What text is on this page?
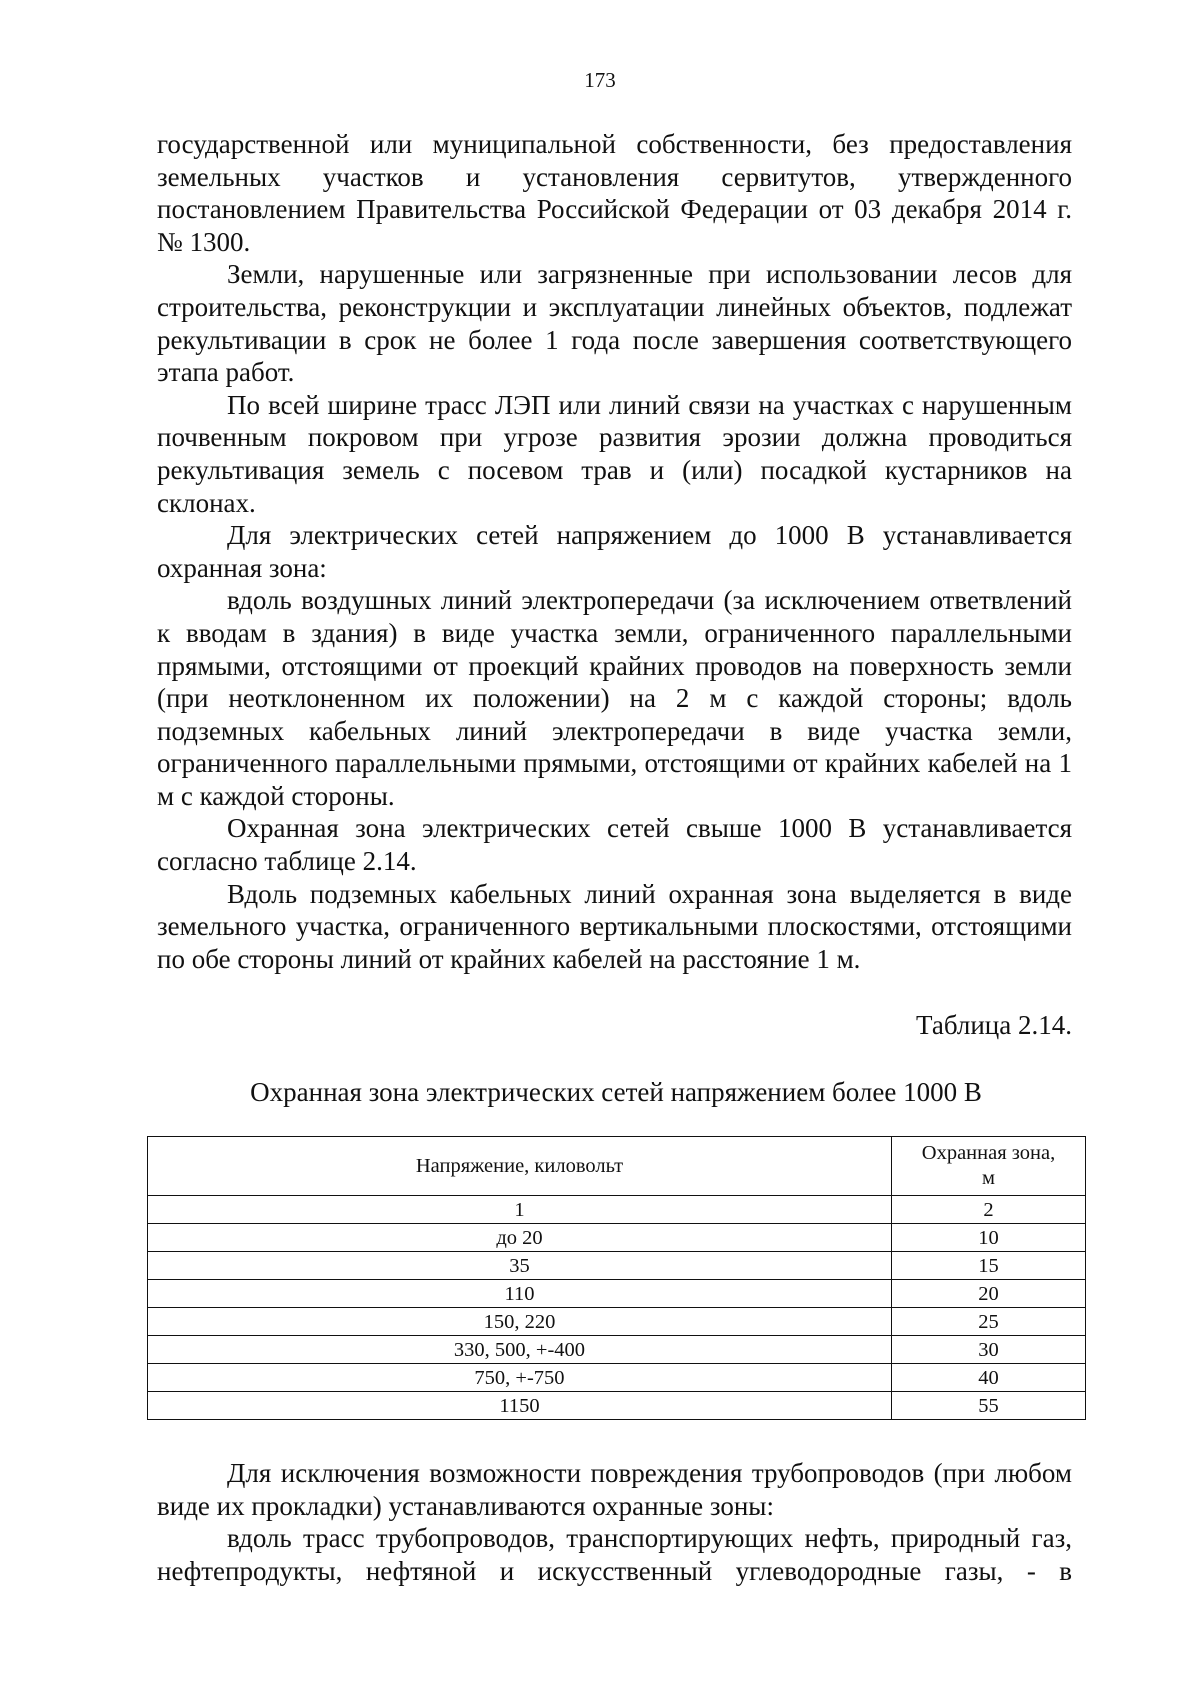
173

государственной или муниципальной собственности, без предоставления земельных участков и установления сервитутов, утвержденного постановлением Правительства Российской Федерации от 03 декабря 2014 г. № 1300.

Земли, нарушенные или загрязненные при использовании лесов для строительства, реконструкции и эксплуатации линейных объектов, подлежат рекультивации в срок не более 1 года после завершения соответствующего этапа работ.

По всей ширине трасс ЛЭП или линий связи на участках с нарушенным почвенным покровом при угрозе развития эрозии должна проводиться рекультивация земель с посевом трав и (или) посадкой кустарников на склонах.

Для электрических сетей напряжением до 1000 В устанавливается охранная зона:

вдоль воздушных линий электропередачи (за исключением ответвлений к вводам в здания) в виде участка земли, ограниченного параллельными прямыми, отстоящими от проекций крайних проводов на поверхность земли (при неотклоненном их положении) на 2 м с каждой стороны; вдоль подземных кабельных линий электропередачи в виде участка земли, ограниченного параллельными прямыми, отстоящими от крайних кабелей на 1 м с каждой стороны.

Охранная зона электрических сетей свыше 1000 В устанавливается согласно таблице 2.14.

Вдоль подземных кабельных линий охранная зона выделяется в виде земельного участка, ограниченного вертикальными плоскостями, отстоящими по обе стороны линий от крайних кабелей на расстояние 1 м.

Таблица 2.14.
Охранная зона электрических сетей напряжением более 1000 В
Напряжение, киловольт	Охранная зона,
м
1	2
до 20	10
35	15
110	20
150, 220	25
330, 500, +-400	30
750, +-750	40
1150	55

Для исключения возможности повреждения трубопроводов (при любом виде их прокладки) устанавливаются охранные зоны:

вдоль трасс трубопроводов, транспортирующих нефть, природный газ, нефтепродукты, нефтяной и искусственный углеводородные газы, - в
